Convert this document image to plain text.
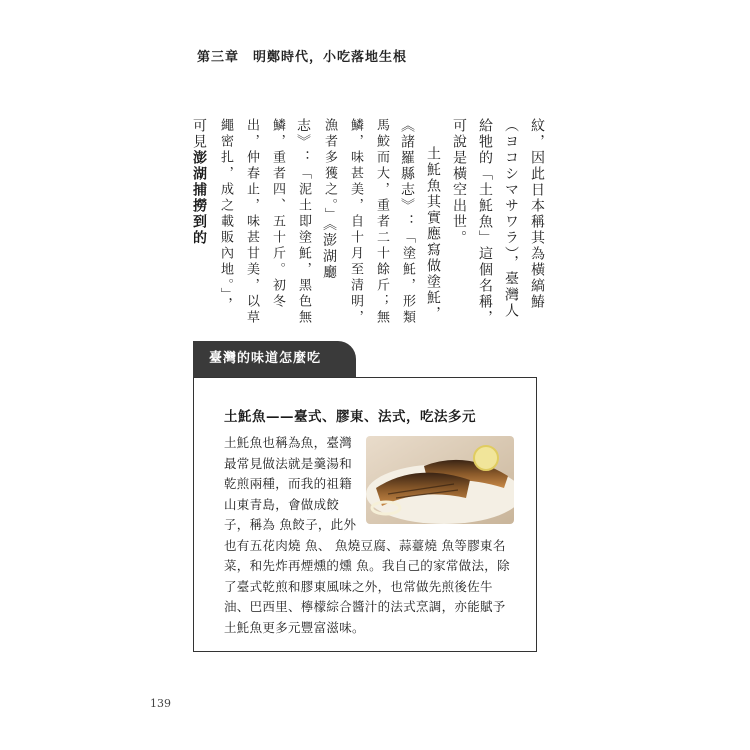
第三章　明鄭時代，小吃落地生根

紋，因此日本稱其為橫縞鰆（ヨコシマサワラ），臺灣人給牠的「土魠魚」這個名稱，可說是橫空出世。

土魠魚其實應寫做塗魠，《諸羅縣志》：「塗魠，形類馬鮫而大，重者二十餘斤；無鱗，味甚美，自十月至清明，漁者多獲之。」《澎湖廳志》：「泥土即塗魠，黑色無鱗，重者四、五十斤。初冬出，仲春止，味甚甘美，以草繩密扎，成之載販內地。」，可見澎湖捕撈到的

臺灣的味道怎麼吃
土魠魚——臺式、膠東、法式，吃法多元
土魠魚也稱為魚，臺灣最常見做法就是羹湯和乾煎兩種，而我的祖籍山東青島，會做成餃子，稱為 魚餃子，此外也有五花肉燒 魚、 魚燒豆腐、蒜薹燒 魚等膠東名菜，和先炸再煙燻的燻 魚。我自己的家常做法，除了臺式乾煎和膠東風味之外，也常做先煎後佐牛油、巴西里、檸檬綜合醬汁的法式烹調，亦能賦予土魠魚更多元豐富滋味。
139
